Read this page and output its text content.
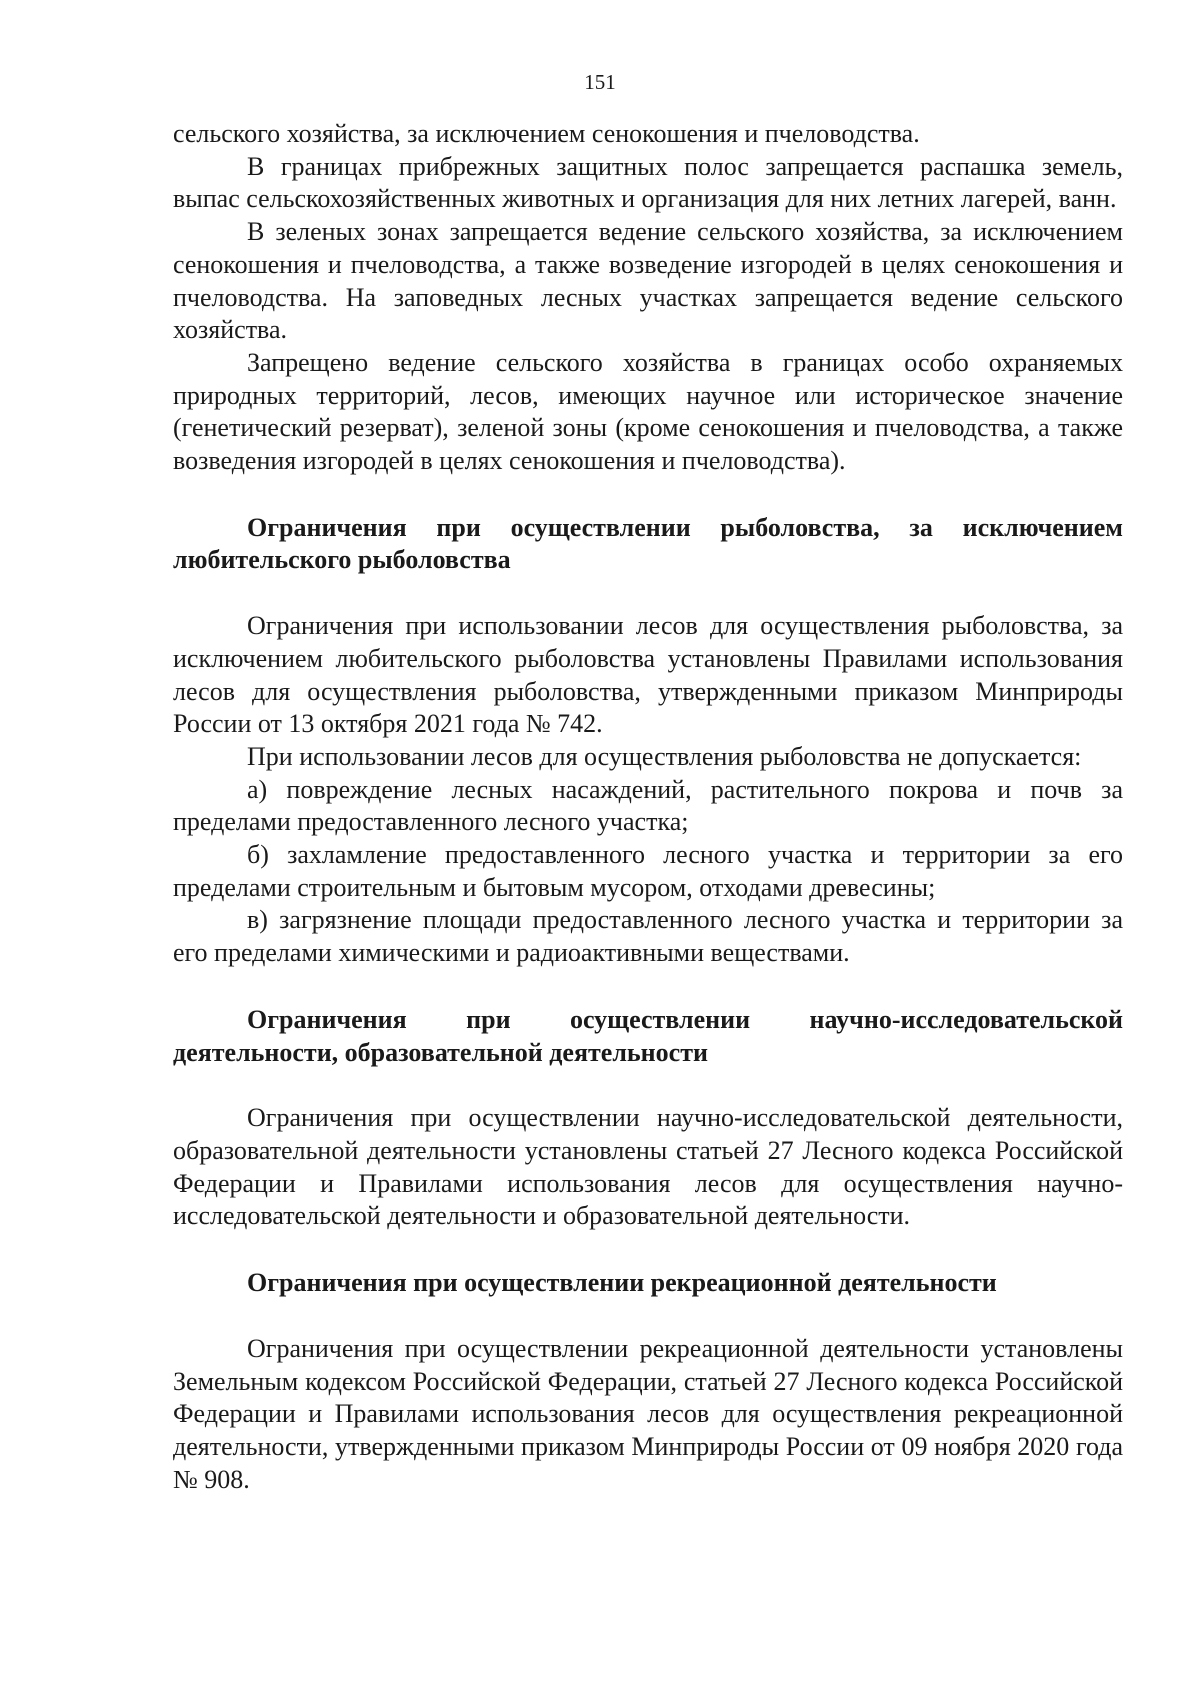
151

сельского хозяйства, за исключением сенокошения и пчеловодства.

В границах прибрежных защитных полос запрещается распашка земель, выпас сельскохозяйственных животных и организация для них летних лагерей, ванн.

В зеленых зонах запрещается ведение сельского хозяйства, за исключением сенокошения и пчеловодства, а также возведение изгородей в целях сенокошения и пчеловодства. На заповедных лесных участках запрещается ведение сельского хозяйства.

Запрещено ведение сельского хозяйства в границах особо охраняемых природных территорий, лесов, имеющих научное или историческое значение (генетический резерват), зеленой зоны (кроме сенокошения и пчеловодства, а также возведения изгородей в целях сенокошения и пчеловодства).

Ограничения при осуществлении рыболовства, за исключением любительского рыболовства

Ограничения при использовании лесов для осуществления рыболовства, за исключением любительского рыболовства установлены Правилами использования лесов для осуществления рыболовства, утвержденными приказом Минприроды России от 13 октября 2021 года № 742.

При использовании лесов для осуществления рыболовства не допускается:

а) повреждение лесных насаждений, растительного покрова и почв за пределами предоставленного лесного участка;

б) захламление предоставленного лесного участка и территории за его пределами строительным и бытовым мусором, отходами древесины;

в) загрязнение площади предоставленного лесного участка и территории за его пределами химическими и радиоактивными веществами.

Ограничения при осуществлении научно-исследовательской деятельности, образовательной деятельности

Ограничения при осуществлении научно-исследовательской деятельности, образовательной деятельности установлены статьей 27 Лесного кодекса Российской Федерации и Правилами использования лесов для осуществления научно-исследовательской деятельности и образовательной деятельности.

Ограничения при осуществлении рекреационной деятельности

Ограничения при осуществлении рекреационной деятельности установлены Земельным кодексом Российской Федерации, статьей 27 Лесного кодекса Российской Федерации и Правилами использования лесов для осуществления рекреационной деятельности, утвержденными приказом Минприроды России от 09 ноября 2020 года № 908.
